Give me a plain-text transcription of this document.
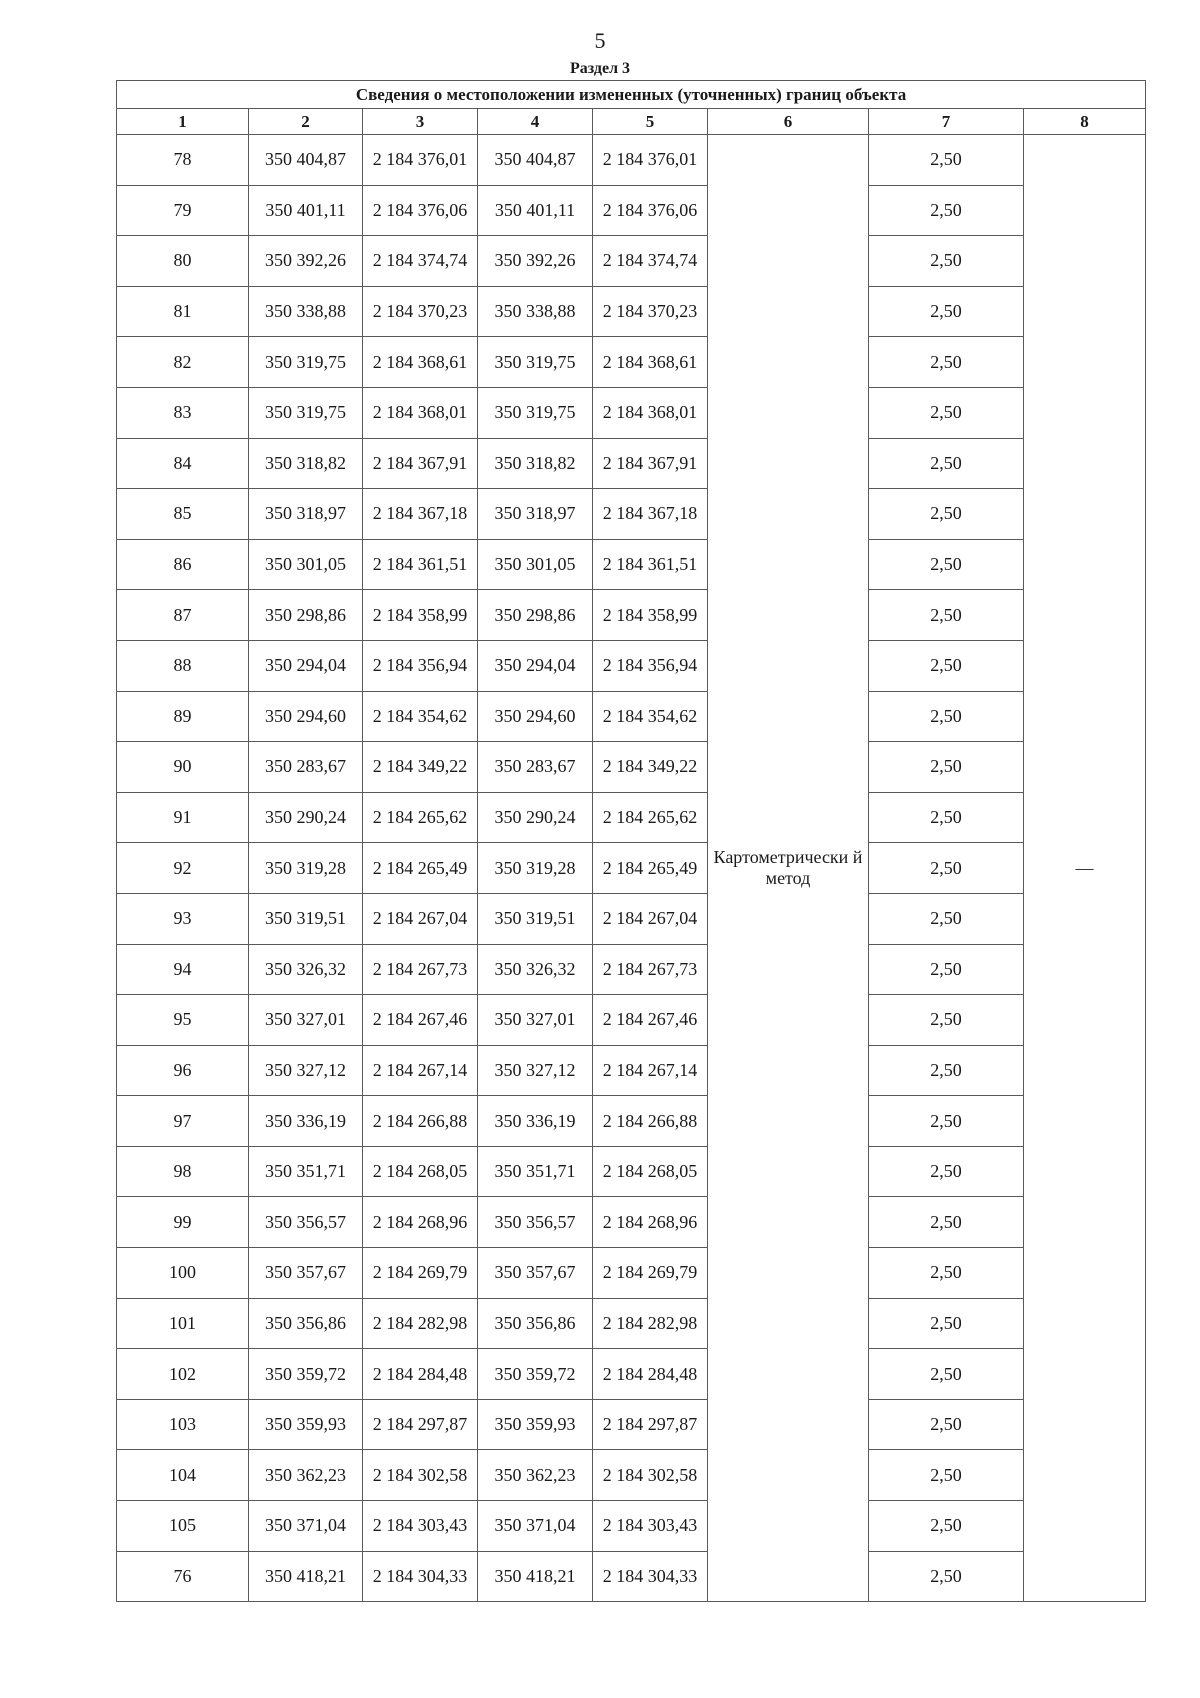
5
Раздел 3
Сведения о местоположении измененных (уточненных) границ объекта							
1	2	3	4	5	6	7	8
78	350 404,87	2 184 376,01	350 404,87	2 184 376,01	Картометрически й метод	2,50	—
79	350 401,11	2 184 376,06	350 401,11	2 184 376,06		2,50	
80	350 392,26	2 184 374,74	350 392,26	2 184 374,74		2,50	
81	350 338,88	2 184 370,23	350 338,88	2 184 370,23		2,50	
82	350 319,75	2 184 368,61	350 319,75	2 184 368,61		2,50	
83	350 319,75	2 184 368,01	350 319,75	2 184 368,01		2,50	
84	350 318,82	2 184 367,91	350 318,82	2 184 367,91		2,50	
85	350 318,97	2 184 367,18	350 318,97	2 184 367,18		2,50	
86	350 301,05	2 184 361,51	350 301,05	2 184 361,51		2,50	
87	350 298,86	2 184 358,99	350 298,86	2 184 358,99		2,50	
88	350 294,04	2 184 356,94	350 294,04	2 184 356,94		2,50	
89	350 294,60	2 184 354,62	350 294,60	2 184 354,62		2,50	
90	350 283,67	2 184 349,22	350 283,67	2 184 349,22		2,50	
91	350 290,24	2 184 265,62	350 290,24	2 184 265,62		2,50	
92	350 319,28	2 184 265,49	350 319,28	2 184 265,49		2,50	
93	350 319,51	2 184 267,04	350 319,51	2 184 267,04		2,50	
94	350 326,32	2 184 267,73	350 326,32	2 184 267,73		2,50	
95	350 327,01	2 184 267,46	350 327,01	2 184 267,46		2,50	
96	350 327,12	2 184 267,14	350 327,12	2 184 267,14		2,50	
97	350 336,19	2 184 266,88	350 336,19	2 184 266,88		2,50	
98	350 351,71	2 184 268,05	350 351,71	2 184 268,05		2,50	
99	350 356,57	2 184 268,96	350 356,57	2 184 268,96		2,50	
100	350 357,67	2 184 269,79	350 357,67	2 184 269,79		2,50	
101	350 356,86	2 184 282,98	350 356,86	2 184 282,98		2,50	
102	350 359,72	2 184 284,48	350 359,72	2 184 284,48		2,50	
103	350 359,93	2 184 297,87	350 359,93	2 184 297,87		2,50	
104	350 362,23	2 184 302,58	350 362,23	2 184 302,58		2,50	
105	350 371,04	2 184 303,43	350 371,04	2 184 303,43		2,50	
76	350 418,21	2 184 304,33	350 418,21	2 184 304,33		2,50	
